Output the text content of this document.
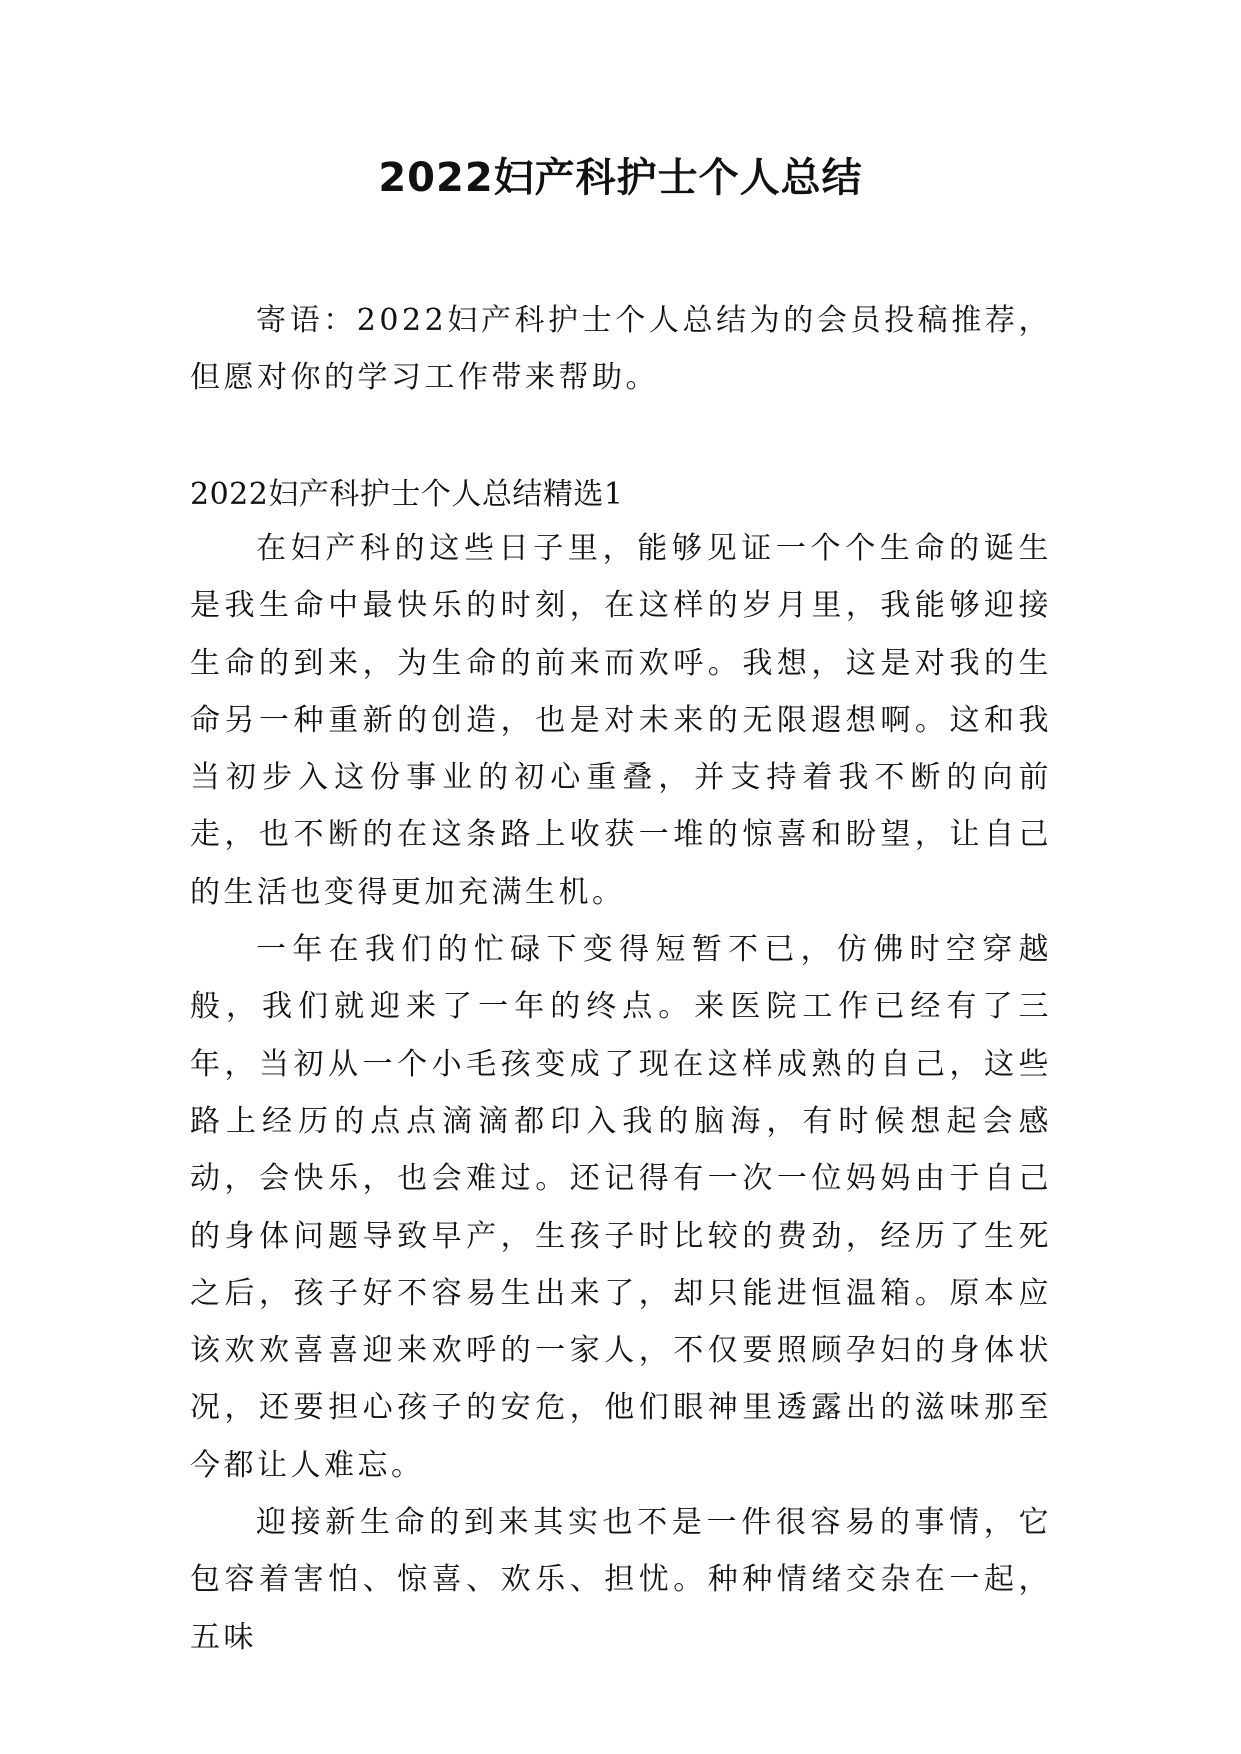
2022妇产科护士个人总结

寄语：2022妇产科护士个人总结为的会员投稿推荐，但愿对你的学习工作带来帮助。

2022妇产科护士个人总结精选1

在妇产科的这些日子里，能够见证一个个生命的诞生是我生命中最快乐的时刻，在这样的岁月里，我能够迎接生命的到来，为生命的前来而欢呼。我想，这是对我的生命另一种重新的创造，也是对未来的无限遐想啊。这和我当初步入这份事业的初心重叠，并支持着我不断的向前走，也不断的在这条路上收获一堆的惊喜和盼望，让自己的生活也变得更加充满生机。

一年在我们的忙碌下变得短暂不已，仿佛时空穿越般，我们就迎来了一年的终点。来医院工作已经有了三年，当初从一个小毛孩变成了现在这样成熟的自己，这些路上经历的点点滴滴都印入我的脑海，有时候想起会感动，会快乐，也会难过。还记得有一次一位妈妈由于自己的身体问题导致早产，生孩子时比较的费劲，经历了生死之后，孩子好不容易生出来了，却只能进恒温箱。原本应该欢欢喜喜迎来欢呼的一家人，不仅要照顾孕妇的身体状况，还要担心孩子的安危，他们眼神里透露出的滋味那至今都让人难忘。

迎接新生命的到来其实也不是一件很容易的事情，它包容着害怕、惊喜、欢乐、担忧。种种情绪交杂在一起，五味
